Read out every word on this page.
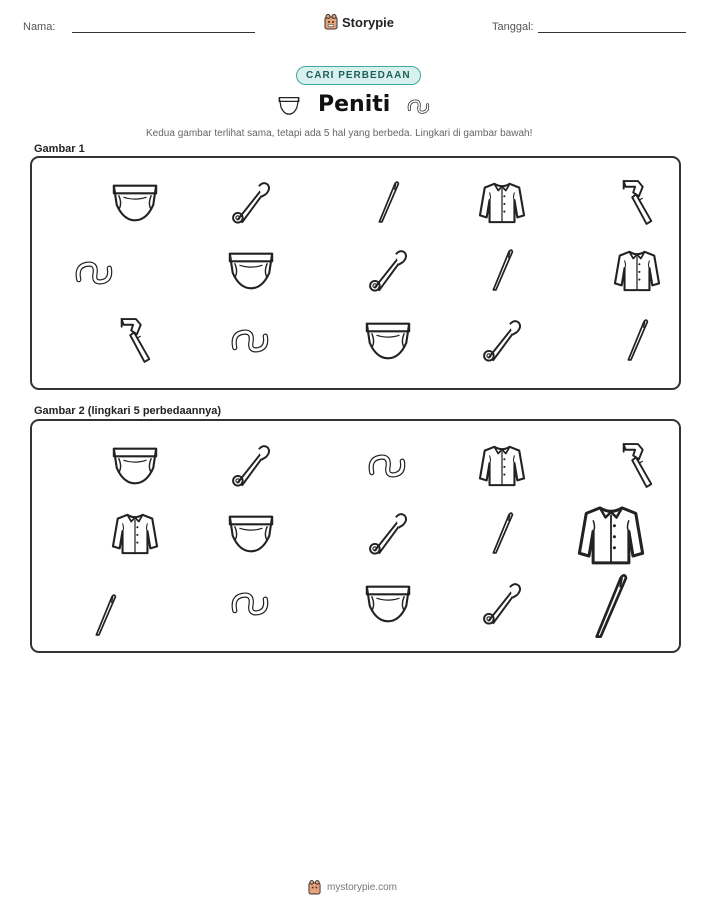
Nama:	Storypie	Tanggal:
CARI PERBEDAAN
Peniti
Kedua gambar terlihat sama, tetapi ada 5 hal yang berbeda. Lingkari di gambar bawah!
Gambar 1
Gambar 2 (lingkari 5 perbedaannya)
mystorypie.com
